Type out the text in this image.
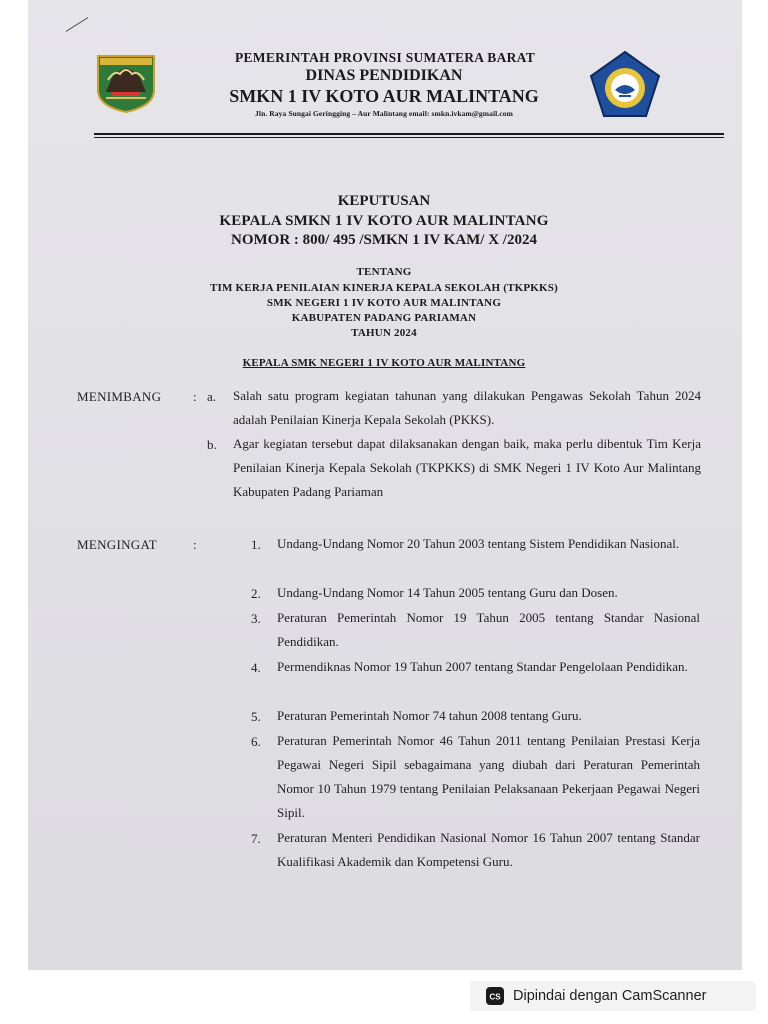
PEMERINTAH PROVINSI SUMATERA BARAT
DINAS PENDIDIKAN
SMKN 1 IV KOTO AUR MALINTANG
Jln. Raya Sungai Geringging – Aur Malintang email: smkn.ivkam@gmail.com
KEPUTUSAN
KEPALA SMKN 1 IV KOTO AUR MALINTANG
NOMOR : 800/ 495 /SMKN 1 IV KAM/ X /2024
TENTANG
TIM KERJA PENILAIAN KINERJA KEPALA SEKOLAH (TKPKKS)
SMK NEGERI 1 IV KOTO AUR MALINTANG
KABUPATEN PADANG PARIAMAN
TAHUN 2024
KEPALA SMK NEGERI 1 IV KOTO AUR MALINTANG
MENIMBANG : a. Salah satu program kegiatan tahunan yang dilakukan Pengawas Sekolah Tahun 2024 adalah Penilaian Kinerja Kepala Sekolah (PKKS).
b. Agar kegiatan tersebut dapat dilaksanakan dengan baik, maka perlu dibentuk Tim Kerja Penilaian Kinerja Kepala Sekolah (TKPKKS) di SMK Negeri 1 IV Koto Aur Malintang Kabupaten Padang Pariaman
MENGINGAT	:	1. Undang-Undang Nomor 20 Tahun 2003 tentang Sistem Pendidikan Nasional.
2. Undang-Undang Nomor 14 Tahun 2005 tentang Guru dan Dosen.
3. Peraturan Pemerintah Nomor 19 Tahun 2005 tentang Standar Nasional Pendidikan.
4. Permendiknas Nomor 19 Tahun 2007 tentang Standar Pengelolaan Pendidikan.
5. Peraturan Pemerintah Nomor 74 tahun 2008 tentang Guru.
6. Peraturan Pemerintah Nomor 46 Tahun 2011 tentang Penilaian Prestasi Kerja Pegawai Negeri Sipil sebagaimana yang diubah dari Peraturan Pemerintah Nomor 10 Tahun 1979 tentang Penilaian Pelaksanaan Pekerjaan Pegawai Negeri Sipil.
7. Peraturan Menteri Pendidikan Nasional Nomor 16 Tahun 2007 tentang Standar Kualifikasi Akademik dan Kompetensi Guru.
CS Dipindai dengan CamScanner
